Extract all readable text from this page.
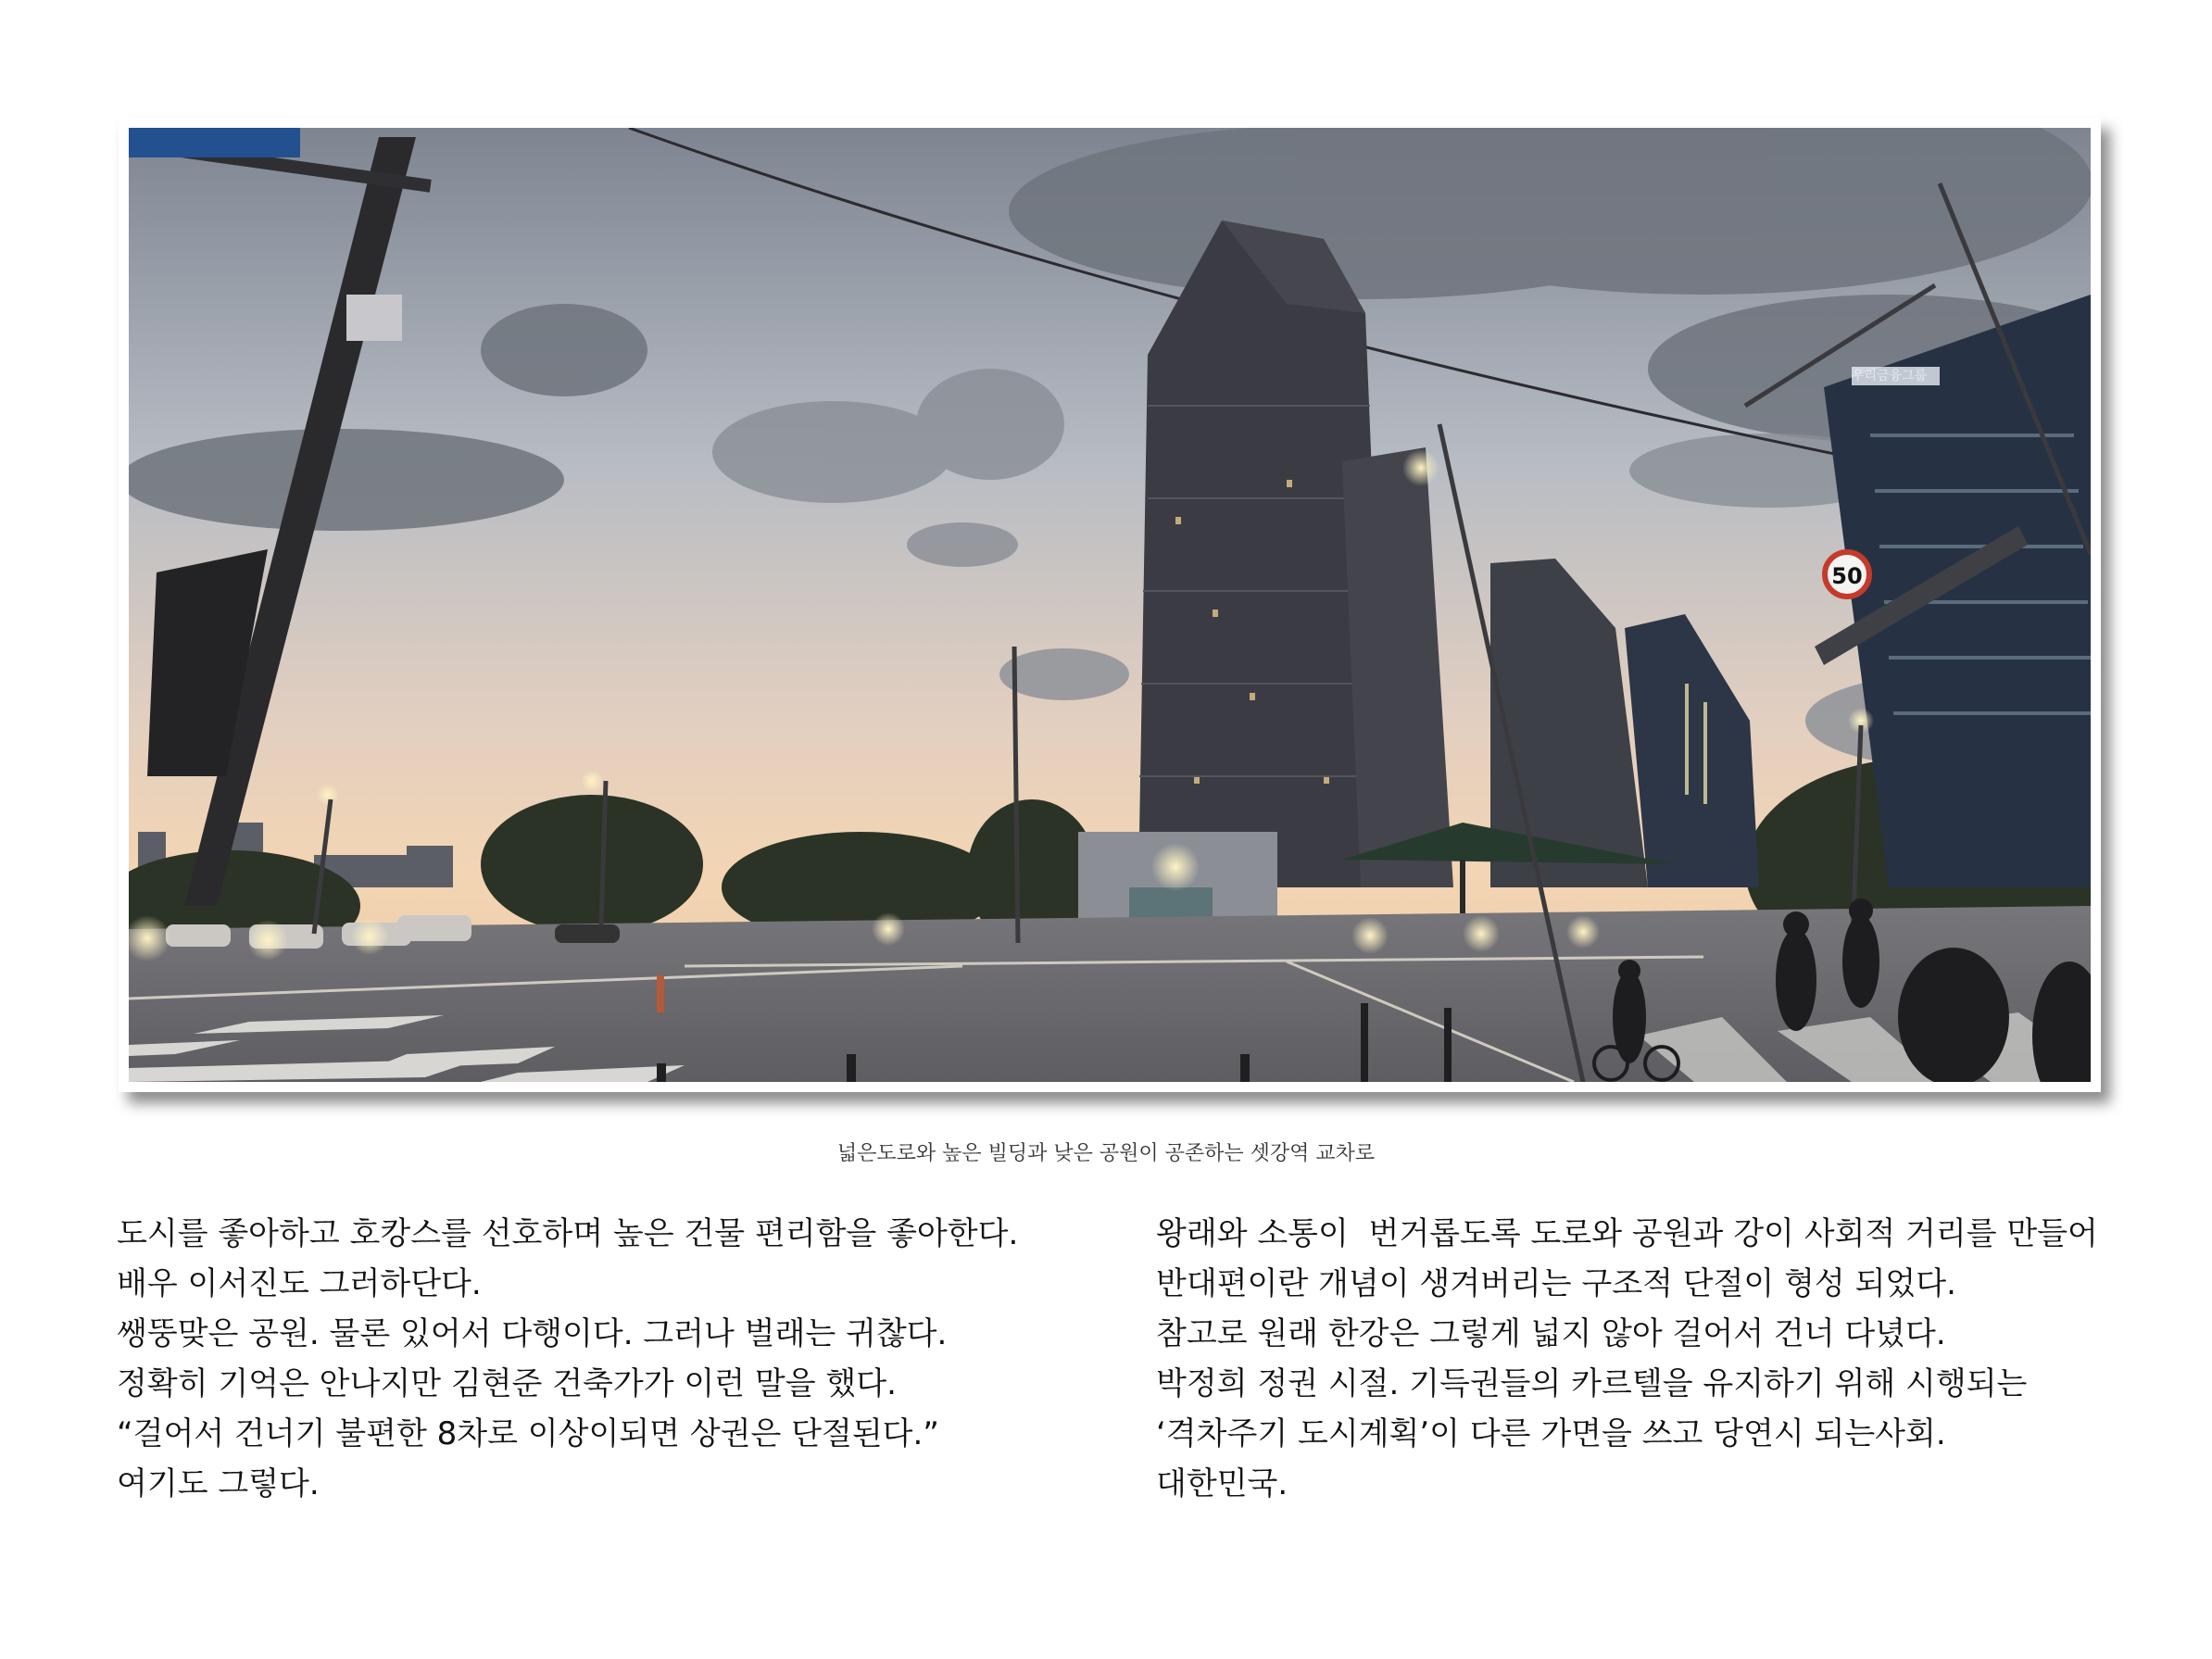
50
우리금융그룹
넓은도로와 높은 빌딩과 낮은 공원이 공존하는 셋강역 교차로

도시를 좋아하고 호캉스를 선호하며 높은 건물 편리함을 좋아한다.

배우 이서진도 그러하단다.

쌩뚱맞은 공원. 물론 있어서 다행이다. 그러나 벌래는 귀찮다.

정확히 기억은 안나지만 김현준 건축가가 이런 말을 했다.

“걸어서 건너기 불편한 8차로 이상이되면 상권은 단절된다.”

여기도 그렇다.

왕래와 소통이  번거롭도록 도로와 공원과 강이 사회적 거리를 만들어

반대편이란 개념이 생겨버리는 구조적 단절이 형성 되었다.

참고로 원래 한강은 그렇게 넓지 않아 걸어서 건너 다녔다.

박정희 정권 시절. 기득권들의 카르텔을 유지하기 위해 시행되는

‘격차주기 도시계획’이 다른 가면을 쓰고 당연시 되는사회.

대한민국.
